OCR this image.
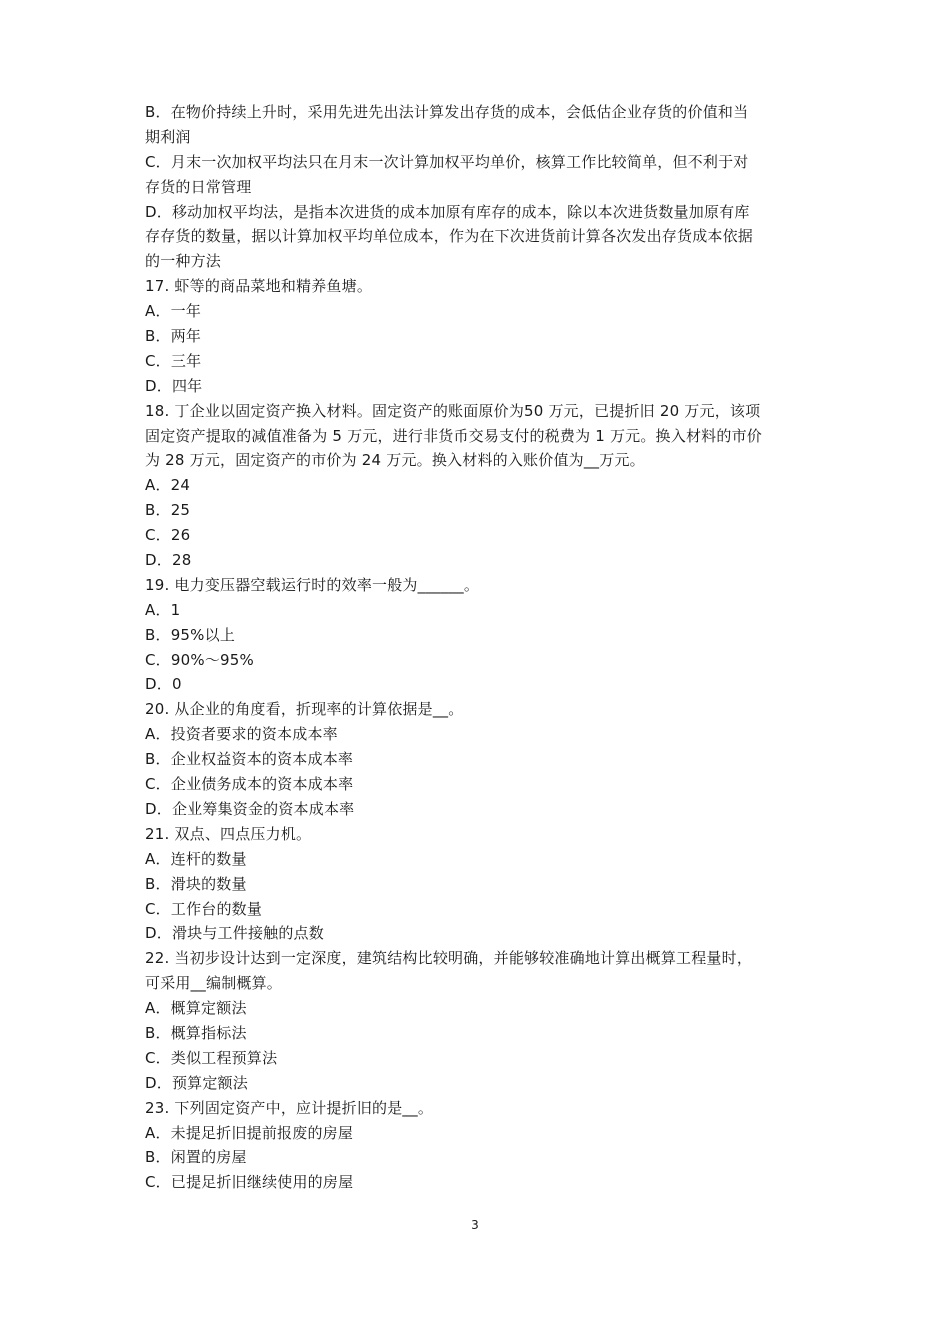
B．在物价持续上升时，采用先进先出法计算发出存货的成本，会低估企业存货的价值和当
期利润
C．月末一次加权平均法只在月末一次计算加权平均单价，核算工作比较简单，但不利于对
存货的日常管理
D．移动加权平均法，是指本次进货的成本加原有库存的成本，除以本次进货数量加原有库
存存货的数量，据以计算加权平均单位成本，作为在下次进货前计算各次发出存货成本依据
的一种方法
17. 虾等的商品菜地和精养鱼塘。
A．一年
B．两年
C．三年
D．四年
18. 丁企业以固定资产换入材料。固定资产的账面原价为50 万元，已提折旧 20 万元，该项
固定资产提取的减值准备为 5 万元，进行非货币交易支付的税费为 1 万元。换入材料的市价
为 28 万元，固定资产的市价为 24 万元。换入材料的入账价值为__万元。
A．24
B．25
C．26
D．28
19. 电力变压器空载运行时的效率一般为______。
A．1
B．95%以上
C．90%～95%
D．0
20. 从企业的角度看，折现率的计算依据是__。
A．投资者要求的资本成本率
B．企业权益资本的资本成本率
C．企业债务成本的资本成本率
D．企业筹集资金的资本成本率
21. 双点、四点压力机。
A．连杆的数量
B．滑块的数量
C．工作台的数量
D．滑块与工件接触的点数
22. 当初步设计达到一定深度，建筑结构比较明确，并能够较准确地计算出概算工程量时，
可采用__编制概算。
A．概算定额法
B．概算指标法
C．类似工程预算法
D．预算定额法
23. 下列固定资产中，应计提折旧的是__。
A．未提足折旧提前报废的房屋
B．闲置的房屋
C．已提足折旧继续使用的房屋
3
